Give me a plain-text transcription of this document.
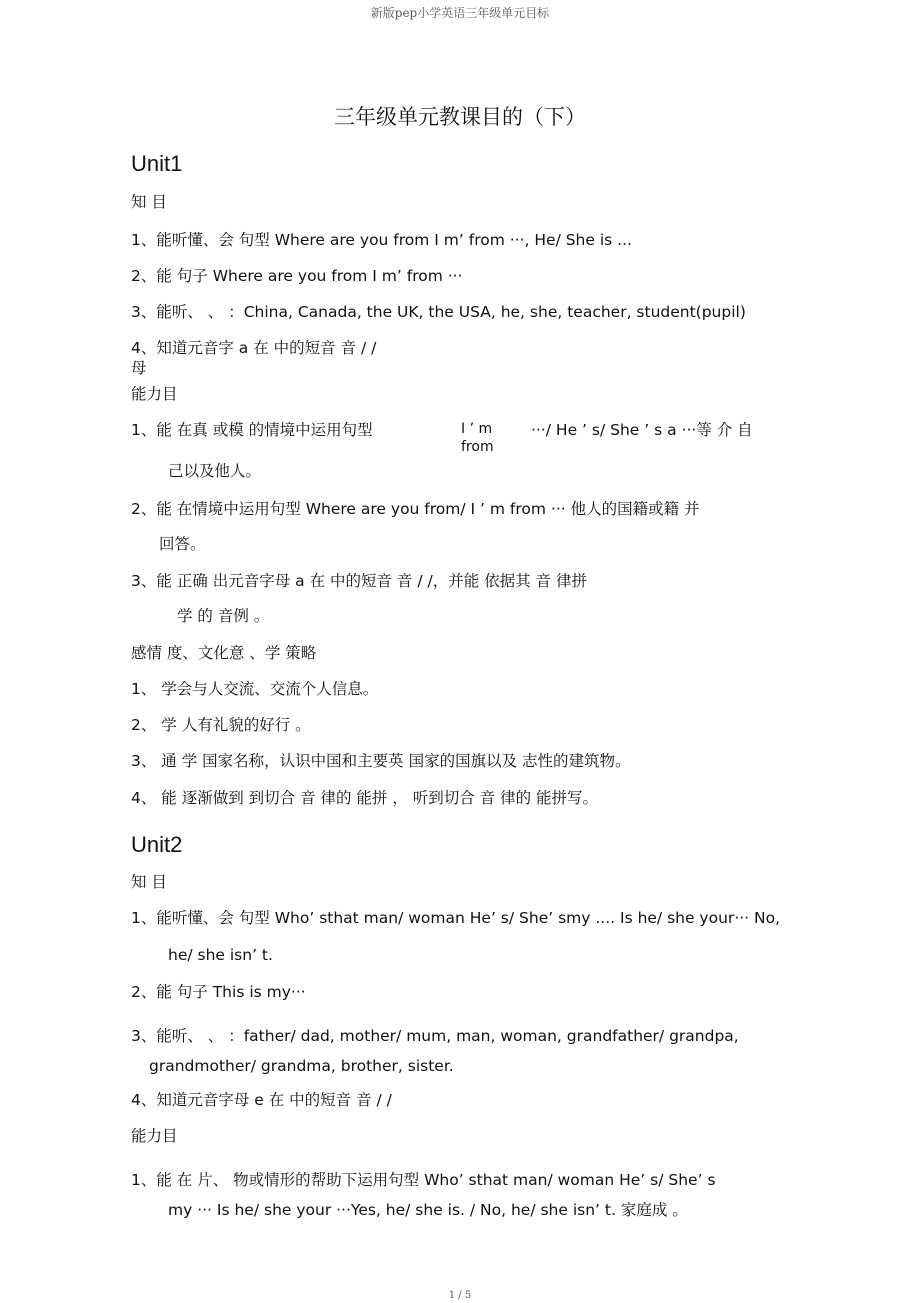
新版pep小学英语三年级单元目标
三年级单元教课目的（下）
Unit1

知 目

1、能听懂、会 句型 Where are you from I m’ from ···, He/ She is ...

2、能 句子 Where are you from I m’ from ···

3、能听、 、 ：China, Canada, the UK, the USA, he, she, teacher, student(pupil)

4、知道元音字 a 在 中的短音 音 / /

母

能力目

1、能 在真 或模 的情境中运用句型	I ’ m

from

···/ He ’ s/ She ’ s a ···等 介 自

己以及他人。

2、能 在情境中运用句型 Where are you from/ I ’ m from ··· 他人的国籍或籍 并

回答。

3、能 正确 出元音字母 a 在 中的短音 音 / /，并能 依据其 音 律拼

学 的 音例 。

感情 度、文化意 、学 策略

1、 学会与人交流、交流个人信息。

2、 学 人有礼貌的好行 。

3、 通 学 国家名称，认识中国和主要英 国家的国旗以及 志性的建筑物。

4、 能 逐渐做到 到切合 音 律的 能拼 ， 听到切合 音 律的 能拼写。

Unit2

知 目

1、能听懂、会 句型 Who’ sthat man/ woman He’ s/ She’ smy .... Is he/ she your··· No,

he/ she isn’ t.

2、能 句子 This is my···

3、能听、 、 ：father/ dad, mother/ mum, man, woman, grandfather/ grandpa,

grandmother/ grandma, brother, sister.

4、知道元音字母 e 在 中的短音 音 / /

能力目

1、能 在 片、 物或情形的帮助下运用句型 Who’ sthat man/ woman He’ s/ She’ s

my ··· Is he/ she your ···Yes, he/ she is. / No, he/ she isn’ t. 家庭成 。

1 / 5
